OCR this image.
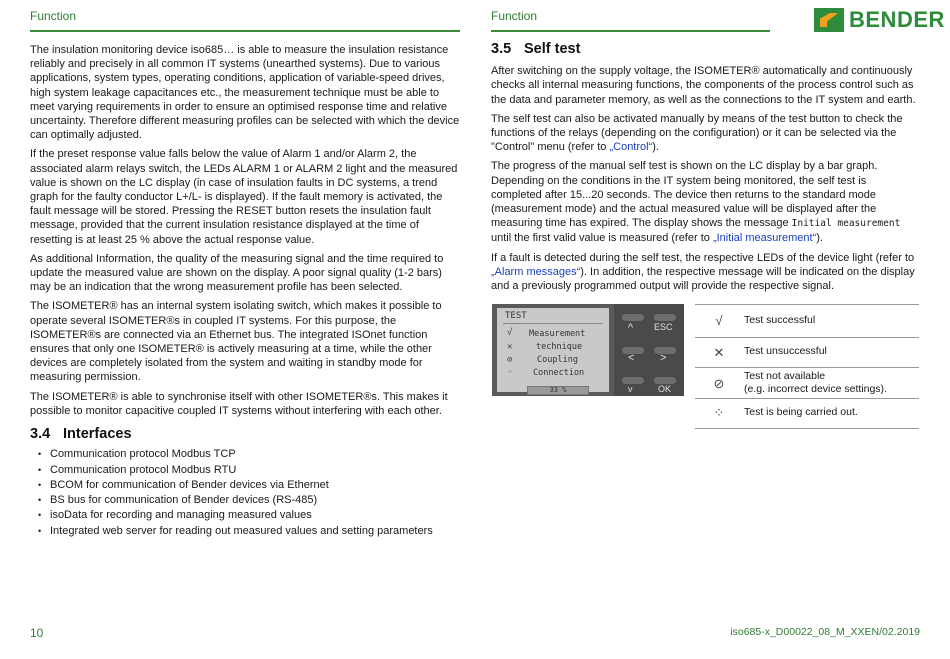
Function	Function	BENDER

The insulation monitoring device iso685… is able to measure the insulation resistance reliably and precisely in all common IT systems (unearthed systems). Due to various applications, system types, operating conditions, application of variable-speed drives, high system leakage capacitances etc., the measurement technique must be able to meet varying requirements in order to ensure an optimised response time and relative uncertainty. Therefore different measuring profiles can be selected with which the device can optimally adjusted.

If the preset response value falls below the value of Alarm 1 and/or Alarm 2, the associated alarm relays switch, the LEDs ALARM 1 or ALARM 2 light and the measured value is shown on the LC display (in case of insulation faults in DC systems, a trend graph for the faulty conductor L+/L- is displayed). If the fault memory is activated, the fault message will be stored. Pressing the RESET button resets the insulation fault message, provided that the current insulation resistance displayed at the time of resetting is at least 25 % above the actual response value.

As additional Information, the quality of the measuring signal and the time required to update the measured value are shown on the display. A poor signal quality (1-2 bars) may be an indication that the wrong measurement profile has been selected.

The ISOMETER® has an internal system isolating switch, which makes it possible to operate several ISOMETER®s in coupled IT systems. For this purpose, the ISOMETER®s are connected via an Ethernet bus. The integrated ISOnet function ensures that only one ISOMETER® is actively measuring at a time, while the other devices are completely isolated from the system and waiting in standby mode for measuring permission.

The ISOMETER® is able to synchronise itself with other ISOMETER®s. This makes it possible to monitor capacitive coupled IT systems without interfering with each other.

3.4 Interfaces
• Communication protocol Modbus TCP
• Communication protocol Modbus RTU
• BCOM for communication of Bender devices via Ethernet
• BS bus for communication of Bender devices (RS-485)
• isoData for recording and managing measured values
• Integrated web server for reading out measured values and setting parameters
3.5 Self test

After switching on the supply voltage, the ISOMETER® automatically and continuously checks all internal measuring functions, the components of the process control such as the data and parameter memory, as well as the connections to the IT system and earth.

The self test can also be activated manually by means of the test button to check the functions of the relays (depending on the configuration) or it can be selected via the "Control" menu (refer to „Control“).

The progress of the manual self test is shown on the LC display by a bar graph. Depending on the conditions in the IT system being monitored, the self test is completed after 15...20 seconds. The device then returns to the standard mode (measurement mode) and the actual measured value will be displayed after the measuring time has expired. The display shows the message Initial measurement until the first valid value is measured (refer to „Initial measurement“).

If a fault is detected during the self test, the respective LEDs of the device light (refer to „Alarm messages“). In addition, the respective message will be indicated on the display and a previously programmed output will provide the respective signal.

TEST
√
✕
⊘
⁘
Measurement
technique
Coupling
Connection
33 %
^ ESC
< >
v	OK
√	Test successful
✕	Test unsuccessful
⊘	Test not available
(e.g. incorrect device settings).
⁘	Test is being carried out.
10	iso685-x_D00022_08_M_XXEN/02.2019
